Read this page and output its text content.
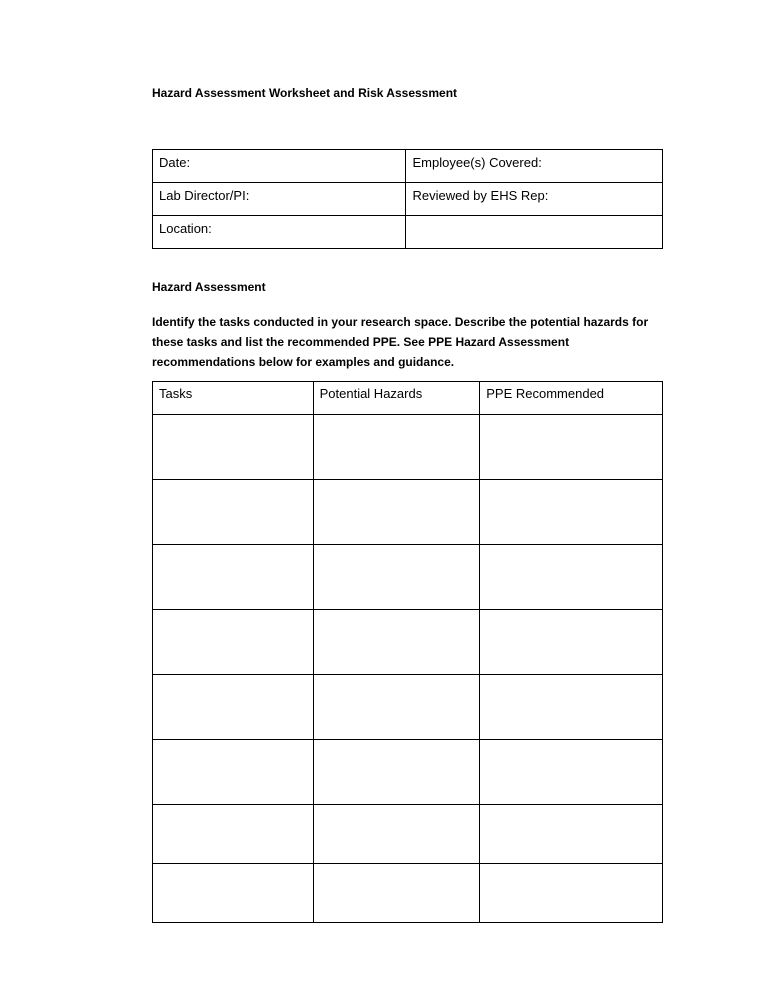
Hazard Assessment Worksheet and Risk Assessment
Date:	Employee(s) Covered:
Lab Director/PI:	Reviewed by EHS Rep:
Location:	
Hazard Assessment
Identify the tasks conducted in your research space. Describe the potential hazards for these tasks and list the recommended PPE. See PPE Hazard Assessment recommendations below for examples and guidance.
Tasks	Potential Hazards	PPE Recommended
